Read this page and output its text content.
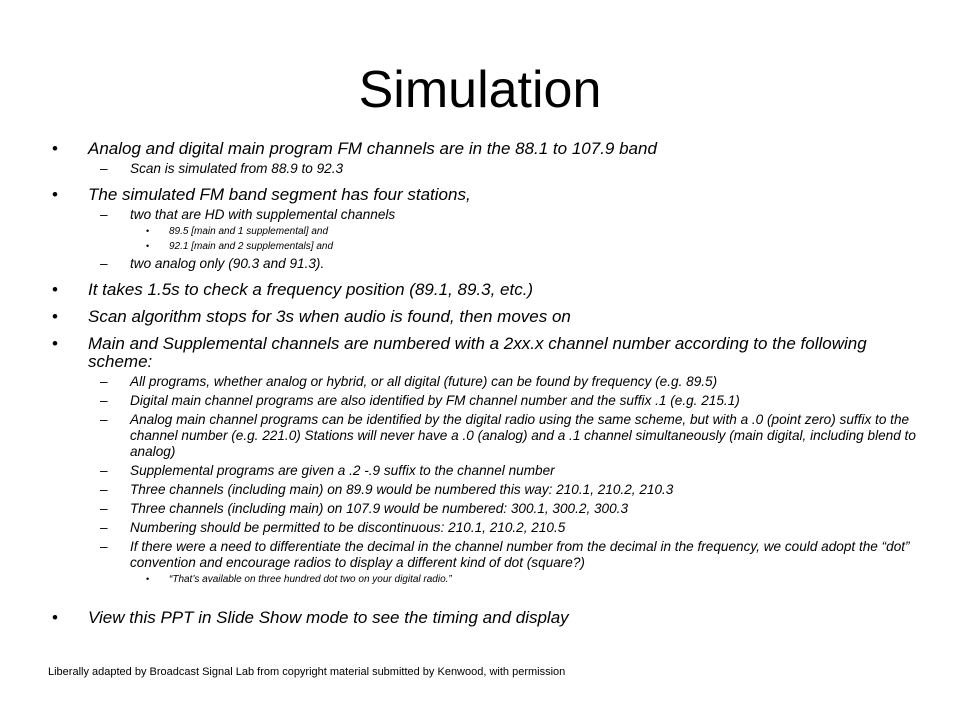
Simulation
• Analog and digital main program FM channels are in the 88.1 to 107.9 band
– Scan is simulated from 88.9 to 92.3
• The simulated FM band segment has four stations,
– two that are HD with supplemental channels
• 89.5 [main and 1 supplemental] and
• 92.1 [main and 2 supplementals] and
– two analog only (90.3 and 91.3).
• It takes 1.5s to check a frequency position (89.1, 89.3, etc.)
• Scan algorithm stops for 3s when audio is found, then moves on
• Main and Supplemental channels are numbered with a 2xx.x channel number according to the following scheme:
– All programs, whether analog or hybrid, or all digital (future) can be found by frequency (e.g. 89.5)
– Digital main channel programs are also identified by FM channel number and the suffix .1 (e.g. 215.1)
– Analog main channel programs can be identified by the digital radio using the same scheme, but with a .0 (point zero) suffix to the channel number (e.g. 221.0) Stations will never have a .0 (analog) and a .1 channel simultaneously (main digital, including blend to analog)
– Supplemental programs are given a .2 -.9 suffix to the channel number
– Three channels (including main) on 89.9 would be numbered this way: 210.1, 210.2, 210.3
– Three channels (including main) on 107.9 would be numbered: 300.1, 300.2, 300.3
– Numbering should be permitted to be discontinuous: 210.1, 210.2, 210.5
– If there were a need to differentiate the decimal in the channel number from the decimal in the frequency, we could adopt the “dot” convention and encourage radios to display a different kind of dot (square?)
• “That’s available on three hundred dot two on your digital radio.”
• View this PPT in Slide Show mode to see the timing and display
Liberally adapted by Broadcast Signal Lab from copyright material submitted by Kenwood, with permission
